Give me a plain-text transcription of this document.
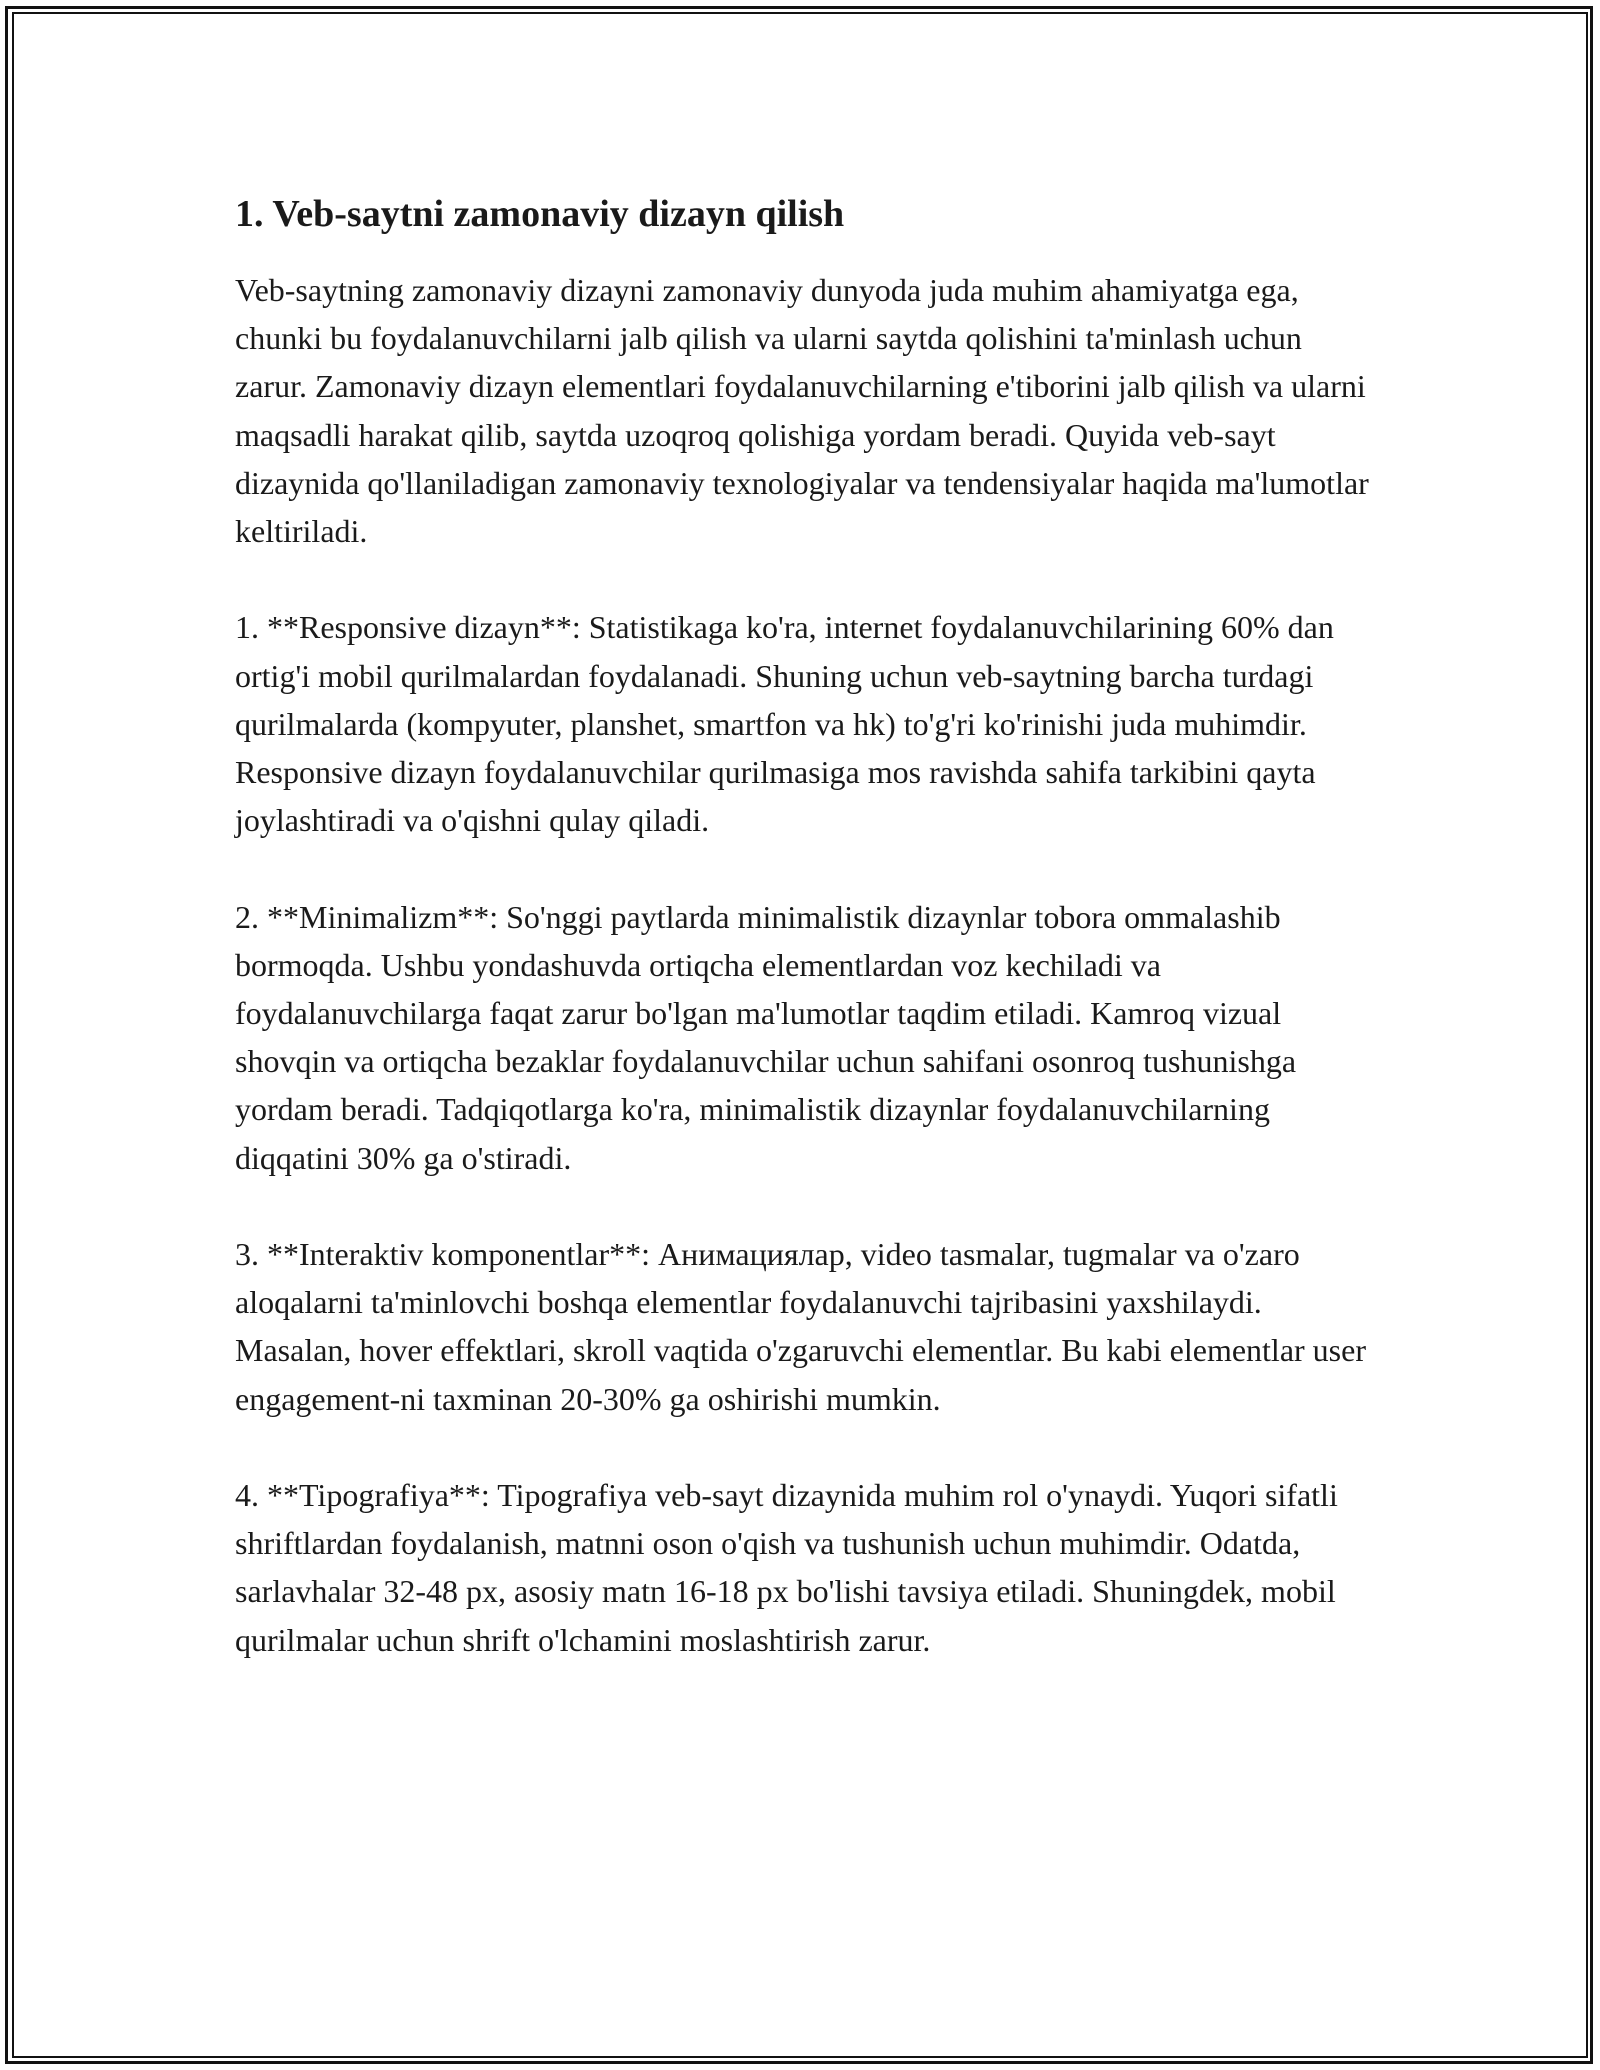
1. Veb-saytni zamonaviy dizayn qilish

Veb-saytning zamonaviy dizayni zamonaviy dunyoda juda muhim ahamiyatga ega, chunki bu foydalanuvchilarni jalb qilish va ularni saytda qolishini ta'minlash uchun zarur. Zamonaviy dizayn elementlari foydalanuvchilarning e'tiborini jalb qilish va ularni maqsadli harakat qilib, saytda uzoqroq qolishiga yordam beradi. Quyida veb-sayt dizaynida qo'llaniladigan zamonaviy texnologiyalar va tendensiyalar haqida ma'lumotlar keltiriladi.

1. **Responsive dizayn**: Statistikaga ko'ra, internet foydalanuvchilarining 60% dan ortig'i mobil qurilmalardan foydalanadi. Shuning uchun veb-saytning barcha turdagi qurilmalarda (kompyuter, planshet, smartfon va hk) to'g'ri ko'rinishi juda muhimdir. Responsive dizayn foydalanuvchilar qurilmasiga mos ravishda sahifa tarkibini qayta joylashtiradi va o'qishni qulay qiladi.

2. **Minimalizm**: So'nggi paytlarda minimalistik dizaynlar tobora ommalashib bormoqda. Ushbu yondashuvda ortiqcha elementlardan voz kechiladi va foydalanuvchilarga faqat zarur bo'lgan ma'lumotlar taqdim etiladi. Kamroq vizual shovqin va ortiqcha bezaklar foydalanuvchilar uchun sahifani osonroq tushunishga yordam beradi. Tadqiqotlarga ko'ra, minimalistik dizaynlar foydalanuvchilarning diqqatini 30% ga o'stiradi.

3. **Interaktiv komponentlar**: Анимациялар, video tasmalar, tugmalar va o'zaro aloqalarni ta'minlovchi boshqa elementlar foydalanuvchi tajribasini yaxshilaydi. Masalan, hover effektlari, skroll vaqtida o'zgaruvchi elementlar. Bu kabi elementlar user engagement-ni taxminan 20-30% ga oshirishi mumkin.

4. **Tipografiya**: Tipografiya veb-sayt dizaynida muhim rol o'ynaydi. Yuqori sifatli shriftlardan foydalanish, matnni oson o'qish va tushunish uchun muhimdir. Odatda, sarlavhalar 32-48 px, asosiy matn 16-18 px bo'lishi tavsiya etiladi. Shuningdek, mobil qurilmalar uchun shrift o'lchamini moslashtirish zarur.
